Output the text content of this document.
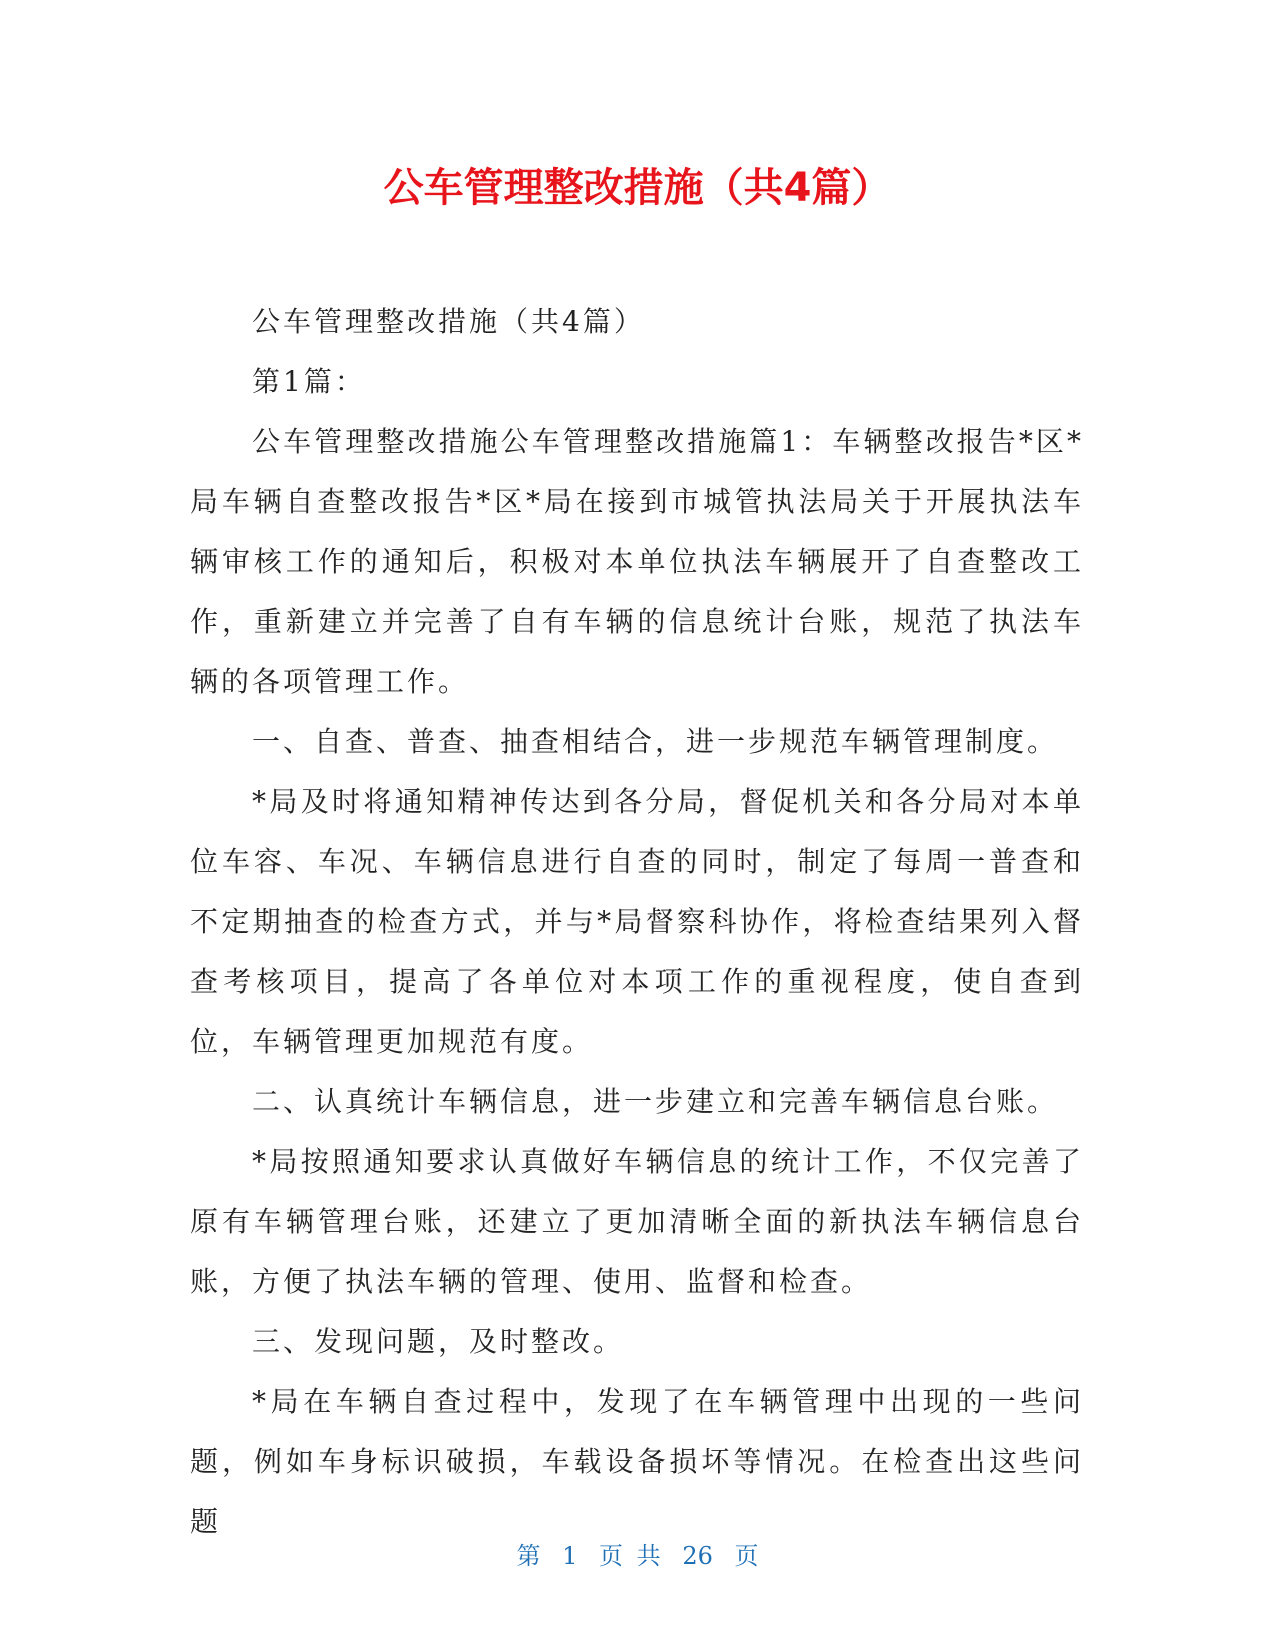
公车管理整改措施（共4篇）

公车管理整改措施（共4篇）

第1篇：

公车管理整改措施公车管理整改措施篇1：车辆整改报告*区*局车辆自查整改报告*区*局在接到市城管执法局关于开展执法车辆审核工作的通知后，积极对本单位执法车辆展开了自查整改工作，重新建立并完善了自有车辆的信息统计台账，规范了执法车辆的各项管理工作。

一、自查、普查、抽查相结合，进一步规范车辆管理制度。

*局及时将通知精神传达到各分局，督促机关和各分局对本单位车容、车况、车辆信息进行自查的同时，制定了每周一普查和不定期抽查的检查方式，并与*局督察科协作，将检查结果列入督查考核项目，提高了各单位对本项工作的重视程度，使自查到位，车辆管理更加规范有度。

二、认真统计车辆信息，进一步建立和完善车辆信息台账。

*局按照通知要求认真做好车辆信息的统计工作，不仅完善了原有车辆管理台账，还建立了更加清晰全面的新执法车辆信息台账，方便了执法车辆的管理、使用、监督和检查。

三、发现问题，及时整改。

*局在车辆自查过程中，发现了在车辆管理中出现的一些问题，例如车身标识破损，车载设备损坏等情况。在检查出这些问题

第 1 页 共 26 页
